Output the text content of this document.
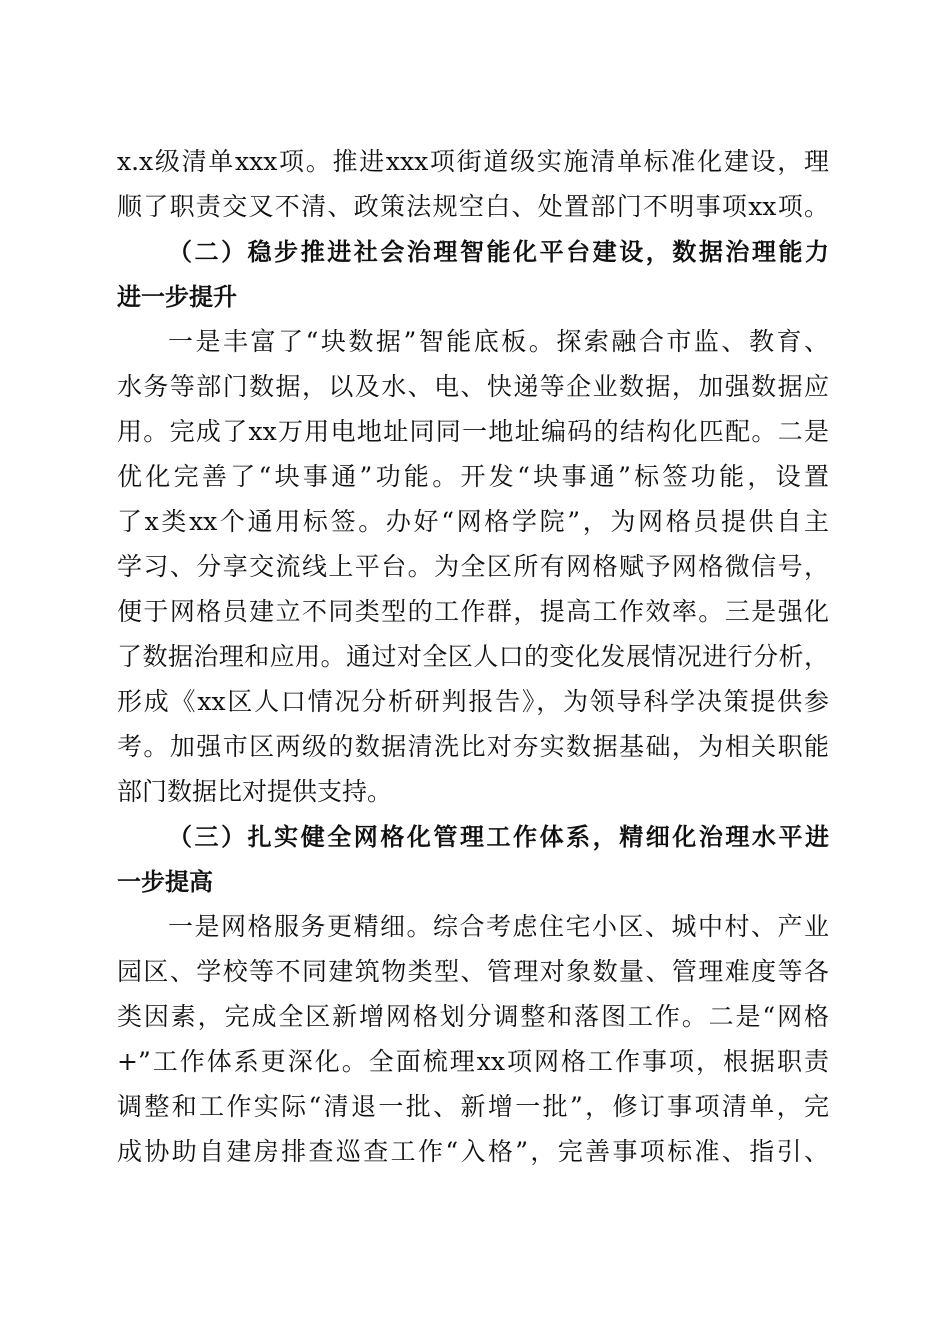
x.x级清单xxx项。推进xxx项街道级实施清单标准化建设，理
顺了职责交叉不清、政策法规空白、处置部门不明事项xx项。
（二）稳步推进社会治理智能化平台建设，数据治理能力
进一步提升
一是丰富了“块数据”智能底板。探索融合市监、教育、
水务等部门数据，以及水、电、快递等企业数据，加强数据应
用。完成了xx万用电地址同同一地址编码的结构化匹配。二是
优化完善了“块事通”功能。开发“块事通”标签功能，设置
了x类xx个通用标签。办好“网格学院”，为网格员提供自主
学习、分享交流线上平台。为全区所有网格赋予网格微信号，
便于网格员建立不同类型的工作群，提高工作效率。三是强化
了数据治理和应用。通过对全区人口的变化发展情况进行分析，
形成《xx区人口情况分析研判报告》，为领导科学决策提供参
考。加强市区两级的数据清洗比对夯实数据基础，为相关职能
部门数据比对提供支持。
（三）扎实健全网格化管理工作体系，精细化治理水平进
一步提高
一是网格服务更精细。综合考虑住宅小区、城中村、产业
园区、学校等不同建筑物类型、管理对象数量、管理难度等各
类因素，完成全区新增网格划分调整和落图工作。二是“网格
+”工作体系更深化。全面梳理xx项网格工作事项，根据职责
调整和工作实际“清退一批、新增一批”，修订事项清单，完
成协助自建房排查巡查工作“入格”，完善事项标准、指引、
